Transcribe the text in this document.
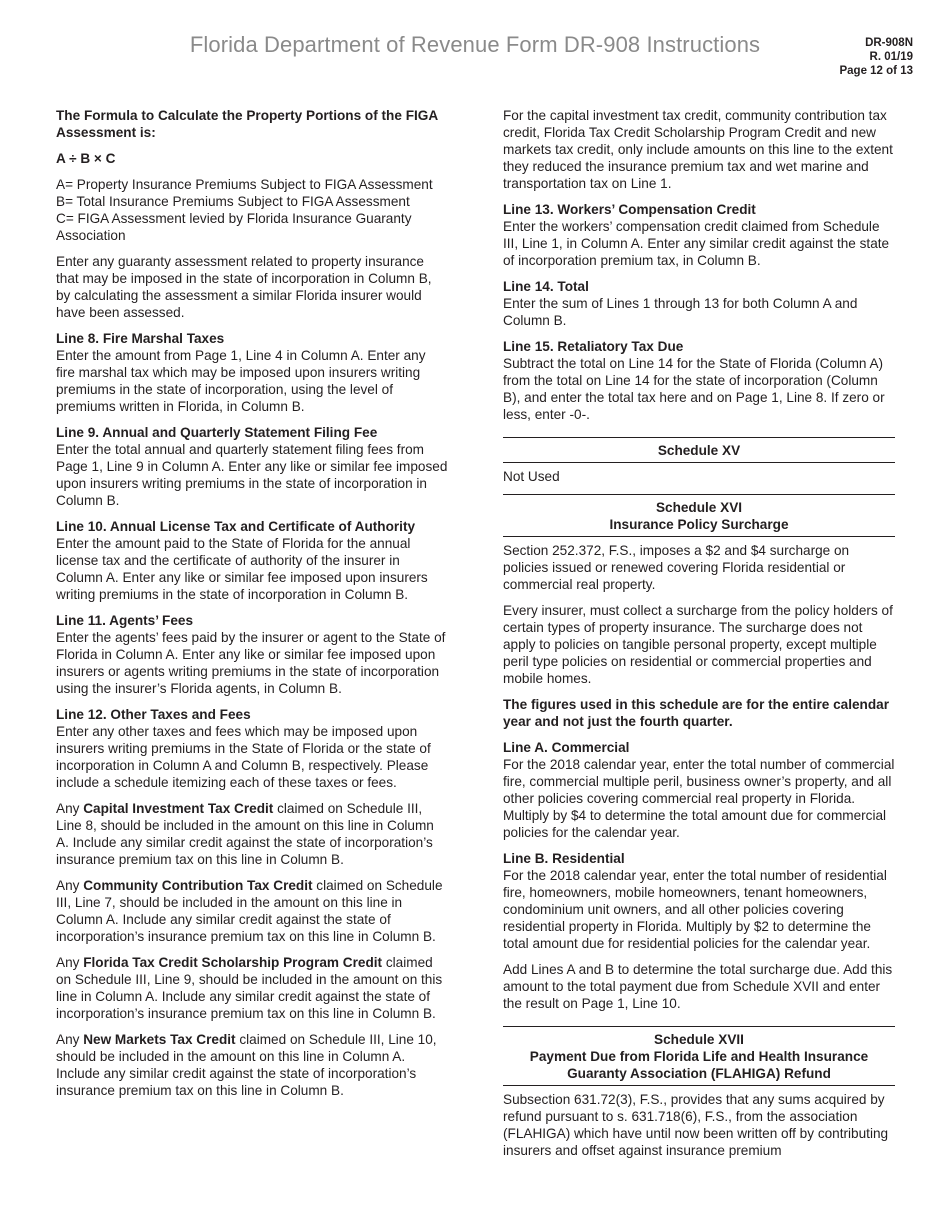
Florida Department of Revenue Form DR-908 Instructions	DR-908N
R. 01/19
Page 12 of 13

The Formula to Calculate the Property Portions of the FIGA Assessment is:

A ÷ B × C

A= Property Insurance Premiums Subject to FIGA Assessment
B= Total Insurance Premiums Subject to FIGA Assessment
C= FIGA Assessment levied by Florida Insurance Guaranty Association

Enter any guaranty assessment related to property insurance that may be imposed in the state of incorporation in Column B, by calculating the assessment a similar Florida insurer would have been assessed.

Line 8. Fire Marshal Taxes
Enter the amount from Page 1, Line 4 in Column A. Enter any fire marshal tax which may be imposed upon insurers writing premiums in the state of incorporation, using the level of premiums written in Florida, in Column B.

Line 9. Annual and Quarterly Statement Filing Fee
Enter the total annual and quarterly statement filing fees from Page 1, Line 9 in Column A. Enter any like or similar fee imposed upon insurers writing premiums in the state of incorporation in Column B.

Line 10. Annual License Tax and Certificate of Authority
Enter the amount paid to the State of Florida for the annual license tax and the certificate of authority of the insurer in Column A. Enter any like or similar fee imposed upon insurers writing premiums in the state of incorporation in Column B.

Line 11. Agents’ Fees
Enter the agents’ fees paid by the insurer or agent to the State of Florida in Column A. Enter any like or similar fee imposed upon insurers or agents writing premiums in the state of incorporation using the insurer’s Florida agents, in Column B.

Line 12. Other Taxes and Fees
Enter any other taxes and fees which may be imposed upon insurers writing premiums in the State of Florida or the state of incorporation in Column A and Column B, respectively. Please include a schedule itemizing each of these taxes or fees.

Any Capital Investment Tax Credit claimed on Schedule III, Line 8, should be included in the amount on this line in Column A. Include any similar credit against the state of incorporation’s insurance premium tax on this line in Column B.

Any Community Contribution Tax Credit claimed on Schedule III, Line 7, should be included in the amount on this line in Column A. Include any similar credit against the state of incorporation’s insurance premium tax on this line in Column B.

Any Florida Tax Credit Scholarship Program Credit claimed on Schedule III, Line 9, should be included in the amount on this line in Column A. Include any similar credit against the state of incorporation’s insurance premium tax on this line in Column B.

Any New Markets Tax Credit claimed on Schedule III, Line 10, should be included in the amount on this line in Column A. Include any similar credit against the state of incorporation’s insurance premium tax on this line in Column B.

For the capital investment tax credit, community contribution tax credit, Florida Tax Credit Scholarship Program Credit and new markets tax credit, only include amounts on this line to the extent they reduced the insurance premium tax and wet marine and transportation tax on Line 1.

Line 13. Workers’ Compensation Credit
Enter the workers’ compensation credit claimed from Schedule III, Line 1, in Column A. Enter any similar credit against the state of incorporation premium tax, in Column B.

Line 14. Total
Enter the sum of Lines 1 through 13 for both Column A and Column B.

Line 15. Retaliatory Tax Due
Subtract the total on Line 14 for the State of Florida (Column A) from the total on Line 14 for the state of incorporation (Column B), and enter the total tax here and on Page 1, Line 8. If zero or less, enter -0-.

Schedule XV

Not Used

Schedule XVI
Insurance Policy Surcharge

Section 252.372, F.S., imposes a $2 and $4 surcharge on policies issued or renewed covering Florida residential or commercial real property.

Every insurer, must collect a surcharge from the policy holders of certain types of property insurance. The surcharge does not apply to policies on tangible personal property, except multiple peril type policies on residential or commercial properties and mobile homes.

The figures used in this schedule are for the entire calendar year and not just the fourth quarter.

Line A. Commercial
For the 2018 calendar year, enter the total number of commercial fire, commercial multiple peril, business owner’s property, and all other policies covering commercial real property in Florida. Multiply by $4 to determine the total amount due for commercial policies for the calendar year.

Line B. Residential
For the 2018 calendar year, enter the total number of residential fire, homeowners, mobile homeowners, tenant homeowners, condominium unit owners, and all other policies covering residential property in Florida. Multiply by $2 to determine the total amount due for residential policies for the calendar year.

Add Lines A and B to determine the total surcharge due. Add this amount to the total payment due from Schedule XVII and enter the result on Page 1, Line 10.

Schedule XVII
Payment Due from Florida Life and Health Insurance
Guaranty Association (FLAHIGA) Refund

Subsection 631.72(3), F.S., provides that any sums acquired by refund pursuant to s. 631.718(6), F.S., from the association (FLAHIGA) which have until now been written off by contributing insurers and offset against insurance premium
